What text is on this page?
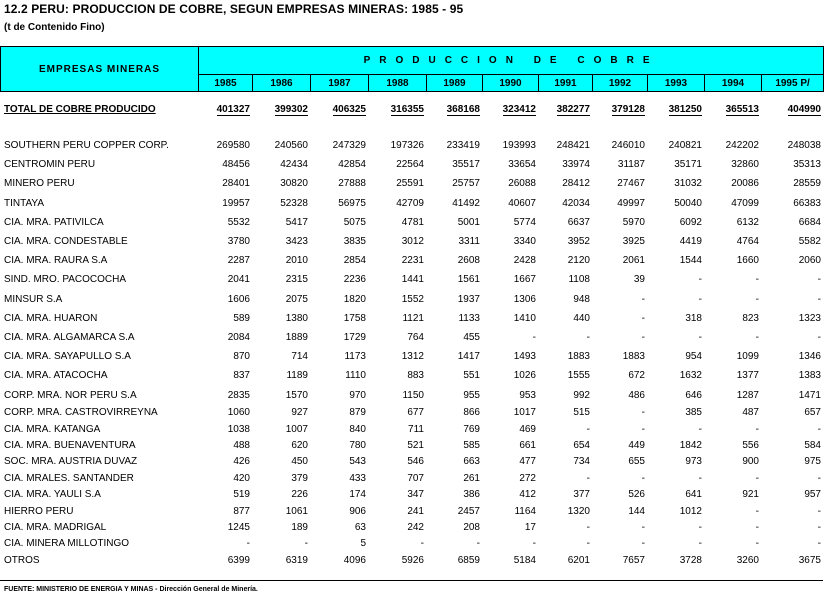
12.2 PERU: PRODUCCION DE COBRE, SEGUN EMPRESAS MINERAS: 1985 - 95
(t de Contenido Fino)
EMPRESAS MINERAS	PRODUCCION DE COBRE										
	1985	1986	1987	1988	1989	1990	1991	1992	1993	1994	1995 P/
TOTAL DE COBRE PRODUCIDO	401327	399302	406325	316355	368168	323412	382277	379128	381250	365513	404990

SOUTHERN PERU COPPER CORP.	269580	240560	247329	197326	233419	193993	248421	246010	240821	242202	248038
CENTROMIN PERU	48456	42434	42854	22564	35517	33654	33974	31187	35171	32860	35313
MINERO PERU	28401	30820	27888	25591	25757	26088	28412	27467	31032	20086	28559
TINTAYA	19957	52328	56975	42709	41492	40607	42034	49997	50040	47099	66383
CIA. MRA. PATIVILCA	5532	5417	5075	4781	5001	5774	6637	5970	6092	6132	6684
CIA. MRA. CONDESTABLE	3780	3423	3835	3012	3311	3340	3952	3925	4419	4764	5582
CIA. MRA. RAURA S.A	2287	2010	2854	2231	2608	2428	2120	2061	1544	1660	2060
SIND. MRO. PACOCOCHA	2041	2315	2236	1441	1561	1667	1108	39	-	-	-
MINSUR S.A	1606	2075	1820	1552	1937	1306	948	-	-	-	-
CIA. MRA. HUARON	589	1380	1758	1121	1133	1410	440	-	318	823	1323
CIA. MRA. ALGAMARCA S.A	2084	1889	1729	764	455	-	-	-	-	-	-
CIA. MRA. SAYAPULLO S.A	870	714	1173	1312	1417	1493	1883	1883	954	1099	1346
CIA. MRA. ATACOCHA	837	1189	1110	883	551	1026	1555	672	1632	1377	1383
CORP. MRA. NOR PERU S.A	2835	1570	970	1150	955	953	992	486	646	1287	1471
CORP. MRA. CASTROVIRREYNA	1060	927	879	677	866	1017	515	-	385	487	657
CIA. MRA. KATANGA	1038	1007	840	711	769	469	-	-	-	-	-
CIA. MRA. BUENAVENTURA	488	620	780	521	585	661	654	449	1842	556	584
SOC. MRA. AUSTRIA DUVAZ	426	450	543	546	663	477	734	655	973	900	975
CIA. MRALES. SANTANDER	420	379	433	707	261	272	-	-	-	-	-
CIA. MRA. YAULI S.A	519	226	174	347	386	412	377	526	641	921	957
HIERRO PERU	877	1061	906	241	2457	1164	1320	144	1012	-	-
CIA. MRA. MADRIGAL	1245	189	63	242	208	17	-	-	-	-	-
CIA. MINERA MILLOTINGO	-	-	5	-	-	-	-	-	-	-	-
OTROS	6399	6319	4096	5926	6859	5184	6201	7657	3728	3260	3675
FUENTE: MINISTERIO DE ENERGIA Y MINAS - Dirección General de Minería.
